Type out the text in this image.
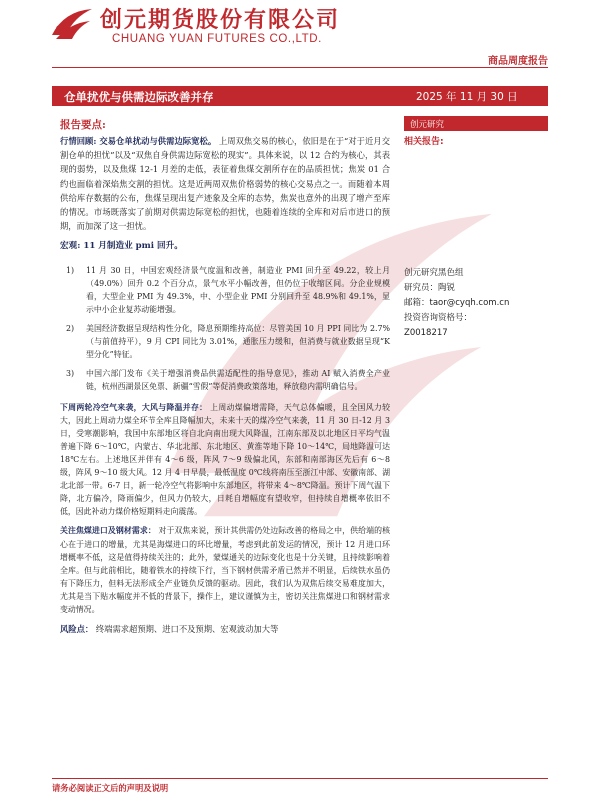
创元期货股份有限公司
CHUANG YUAN FUTURES CO.,LTD.
商品周度报告
仓单扰优与供需边际改善并存	2025 年 11 月 30 日
报告要点:

行情回顾: 交易仓单扰动与供需边际宽松。 上周双焦交易的核心，依旧是在于“对于近月交割仓单的担忧”以及“双焦自身供需边际宽松的现实”。具体来说，以 12 合约为核心，其表现的弱势，以及焦煤 12-1 月差的走低，表征着焦煤交割所存在的品质担忧；焦炭 01 合约也面临着深焰焦交割的担忧。这是近两周双焦价格弱势的核心交易点之一。而随着本周供给库存数据的公布，焦煤呈现出复产迹象及全库的态势，焦炭也意外的出现了增产至库的情况。市场既落实了前期对供需边际宽松的担忧，也随着连续的全库和对后市进口的预期，而加深了这一担忧。

宏观: 11 月制造业 pmi 回升。
1) 11 月 30 日，中国宏观经济景气度温和改善，制造业 PMI 回升至 49.22，较上月（49.0%）回升 0.2 个百分点，景气水平小幅改善，但仍位于收缩区间。分企业规模看，大型企业 PMI 为 49.3%，中、小型企业 PMI 分别回升至 48.9%和 49.1%，显示中小企业复苏动能增强。
2) 美国经济数据呈现结构性分化，降息预期维持高位：尽管美国 10 月 PPI 同比为 2.7%（与前值持平），9 月 CPI 同比为 3.01%，通胀压力缓和，但消费与就业数据呈现“K 型分化”特征。
3) 中国六部门发布《关于增强消费品供需适配性的指导意见》，推动 AI 赋入消费全产业链，杭州西湖景区免票、新疆“雪假”等促消费政策落地，释放稳内需明确信号。

下周两轮冷空气来袭，大风与降温并存： 上周动煤偏增需降，天气总体偏暖，且全国风力较大，因此上周动力煤全环节全库且降幅加大，未来十天的煤冷空气来袭，11 月 30 日-12 月 3 日，受寒潮影响，我国中东部地区将自北向南出现大风降温，江南东部及以北地区日平均气温普遍下降 6～10℃，内蒙古、华北北部、东北地区、黄淮等地下降 10～14℃，局地降温可达 18℃左右。上述地区并伴有 4～6 级，阵风 7～9 级偏北风，东部和南部海区先后有 6～8 级，阵风 9～10 级大风。12 月 4 日早晨，最低温度 0℃线将南压至浙江中部、安徽南部、湖北北部一带。6-7 日，新一轮冷空气将影响中东部地区，将带来 4～8℃降温。预计下周气温下降，北方偏冷，降雨偏少，但风力仍较大，日耗自增幅度有望收窄，但持续自增概率依旧不低，因此补动力煤价格短期料走向震荡。

关注焦煤进口及钢材需求： 对于双焦来说，预计其供需仍处边际改善的格局之中，供给端的核心在于进口的增量，尤其是海煤进口的环比增量，考虑到此前发运的情况，预计 12 月进口环增概率不低，这是值得持续关注的；此外，蒙煤通关的边际变化也是十分关键，且持续影响着全库。但与此前相比，随着铁水的持续下行，当下钢材供需矛盾已然并不明显，后续铁水虽仍有下降压力，但料无法形成全产业链负反馈的驱动。因此，我们认为双焦后续交易难度加大，尤其是当下贴水幅度并不低的背景下，操作上，建议谨慎为主，密切关注焦煤进口和钢材需求变动情况。

风险点： 终端需求超预期、进口不及预期、宏观波动加大等

创元研究
相关报告:
创元研究黑色组
研究员：陶锐
邮箱：taor@cyqh.com.cn
投资咨询资格号：
Z0018217
请务必阅读正文后的声明及说明
